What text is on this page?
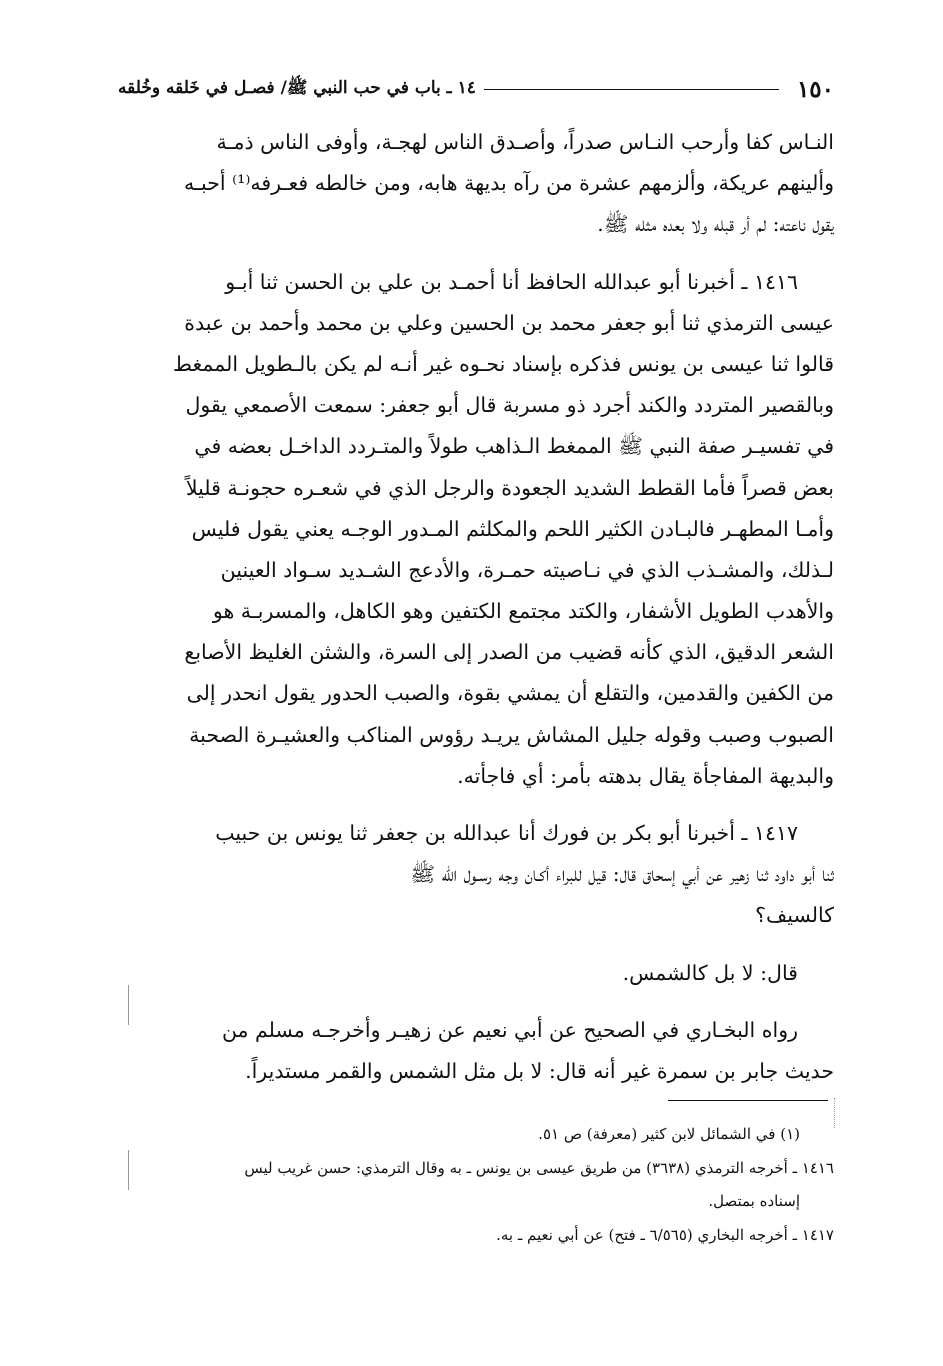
١٥٠
١٤ ـ باب في حب النبي ﷺ/ فصـل في خَلقه وخُلقه
النـاس كفا وأرحب النـاس صدراً، وأصـدق الناس لهجـة، وأوفى الناس ذمـة
وألينهم عريكة، وألزمهم عشرة من رآه بديهة هابه، ومن خالطه فعـرفه⁽¹⁾ أحبـه
يقول ناعته: لم أر قبله ولا بعده مثله ﷺ.
١٤١٦ ـ أخبرنا أبو عبدالله الحافظ أنا أحمـد بن علي بن الحسن ثنا أبـو
عيسى الترمذي ثنا أبو جعفر محمد بن الحسين وعلي بن محمد وأحمد بن عبدة
قالوا ثنا عيسى بن يونس فذكره بإسناد نحـوه غير أنـه لم يكن بالـطويل الممغط
وبالقصير المتردد والكند أجرد ذو مسربة قال أبو جعفر: سمعت الأصمعي يقول
في تفسيـر صفة النبي ﷺ الممغط الـذاهب طولاً والمتـردد الداخـل بعضه في
بعض قصراً فأما القطط الشديد الجعودة والرجل الذي في شعـره حجونـة قليلاً
وأمـا المطهـر فالبـادن الكثير اللحم والمكلثم المـدور الوجـه يعني يقول فليس
لـذلك، والمشـذب الذي في نـاصيته حمـرة، والأدعج الشـديد سـواد العينين
والأهدب الطويل الأشفار، والكتد مجتمع الكتفين وهو الكاهل، والمسربـة هو
الشعر الدقيق، الذي كأنه قضيب من الصدر إلى السرة، والشثن الغليظ الأصابع
من الكفين والقدمين، والتقلع أن يمشي بقوة، والصبب الحدور يقول انحدر إلى
الصبوب وصبب وقوله جليل المشاش يريـد رؤوس المناكب والعشيـرة الصحبة
والبديهة المفاجأة يقال بدهته بأمر: أي فاجأته.
١٤١٧ ـ أخبرنا أبو بكر بن فورك أنا عبدالله بن جعفر ثنا يونس بن حبيب
ثنا أبو داود ثنا زهير عن أبي إسحاق قال: قيل للبراء أكـان وجه رسـول الله ﷺ
كالسيف؟
قال: لا بل كالشمس.
رواه البخـاري في الصحيح عن أبي نعيم عن زهيـر وأخرجـه مسلم من
حديث جابر بن سمرة غير أنه قال: لا بل مثل الشمس والقمر مستديراً.
(١) في الشمائل لابن كثير (معرفة) ص ٥١.
١٤١٦ ـ أخرجه الترمذي (٣٦٣٨) من طريق عيسى بن يونس ـ به وقال الترمذي: حسن غريب ليس
إسناده بمتصل.
١٤١٧ ـ أخرجه البخاري (٦/٥٦٥ ـ فتح) عن أبي نعيم ـ به.
